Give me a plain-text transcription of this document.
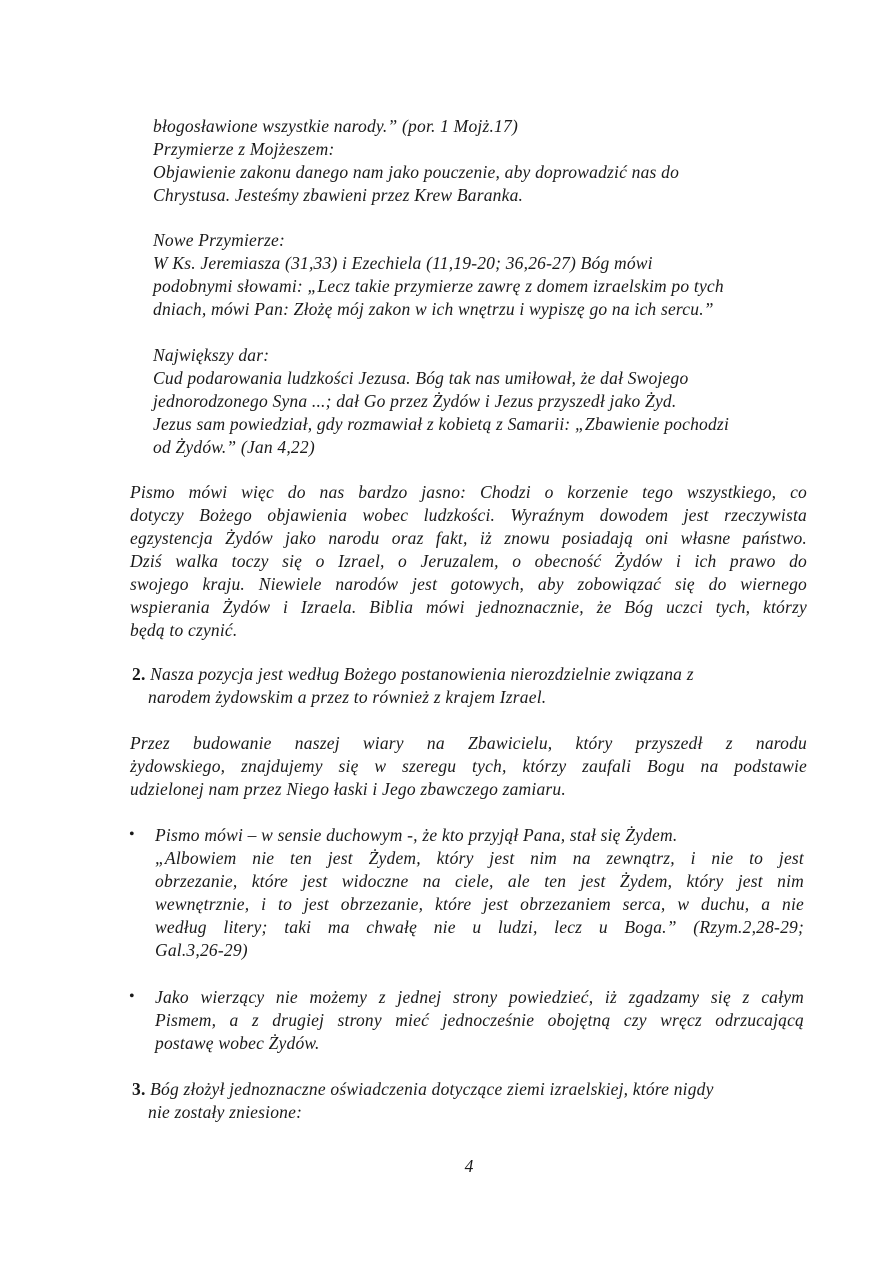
błogosławione wszystkie narody.” (por. 1 Mojż.17)
Przymierze z Mojżeszem:
Objawienie zakonu danego nam jako pouczenie, aby doprowadzić nas do
Chrystusa. Jesteśmy zbawieni przez Krew Baranka.
Nowe Przymierze:
W Ks. Jeremiasza (31,33) i Ezechiela (11,19-20; 36,26-27) Bóg mówi
podobnymi słowami: „Lecz takie przymierze zawrę z domem izraelskim po tych
dniach, mówi Pan: Złożę mój zakon w ich wnętrzu i wypiszę go na ich sercu.”
Największy dar:
Cud podarowania ludzkości Jezusa. Bóg tak nas umiłował, że dał Swojego
jednorodzonego Syna ...; dał Go przez Żydów i Jezus przyszedł jako Żyd.
Jezus sam powiedział, gdy rozmawiał z kobietą z Samarii: „Zbawienie pochodzi
od Żydów.” (Jan 4,22)
Pismo mówi więc do nas bardzo jasno: Chodzi o korzenie tego wszystkiego, co
dotyczy Bożego objawienia wobec ludzkości. Wyraźnym dowodem jest rzeczywista
egzystencja Żydów jako narodu oraz fakt, iż znowu posiadają oni własne państwo.
Dziś walka toczy się o Izrael, o Jeruzalem, o obecność Żydów i ich prawo do
swojego kraju. Niewiele narodów jest gotowych, aby zobowiązać się do wiernego
wspierania Żydów i Izraela. Biblia mówi jednoznacznie, że Bóg uczci tych, którzy
będą to czynić.
2. Nasza pozycja jest według Bożego postanowienia nierozdzielnie związana z
narodem żydowskim a przez to również z krajem Izrael.
Przez budowanie naszej wiary na Zbawicielu, który przyszedł z narodu
żydowskiego, znajdujemy się w szeregu tych, którzy zaufali Bogu na podstawie
udzielonej nam przez Niego łaski i Jego zbawczego zamiaru.
• Pismo mówi – w sensie duchowym -, że kto przyjął Pana, stał się Żydem.
„Albowiem nie ten jest Żydem, który jest nim na zewnątrz, i nie to jest
obrzezanie, które jest widoczne na ciele, ale ten jest Żydem, który jest nim
wewnętrznie, i to jest obrzezanie, które jest obrzezaniem serca, w duchu, a nie
według litery; taki ma chwałę nie u ludzi, lecz u Boga.” (Rzym.2,28-29;
Gal.3,26-29)
• Jako wierzący nie możemy z jednej strony powiedzieć, iż zgadzamy się z całym
Pismem, a z drugiej strony mieć jednocześnie obojętną czy wręcz odrzucającą
postawę wobec Żydów.
3. Bóg złożył jednoznaczne oświadczenia dotyczące ziemi izraelskiej, które nigdy
nie zostały zniesione:
4
